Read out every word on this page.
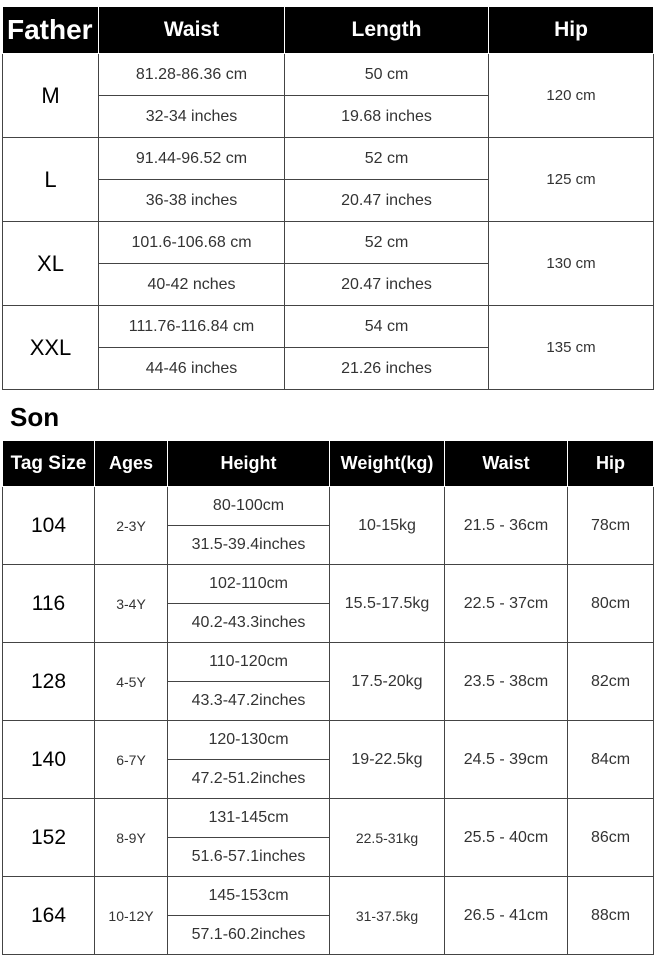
Father	Waist	Length	Hip
M	81.28-86.36 cm	50 cm	120 cm
	32-34 inches	19.68 inches	
L	91.44-96.52 cm	52 cm	125 cm
	36-38 inches	20.47 inches	
XL	101.6-106.68 cm	52 cm	130 cm
	40-42 nches	20.47 inches	
XXL	111.76-116.84 cm	54 cm	135 cm
	44-46 inches	21.26 inches	
Son
Tag Size	Ages	Height	Weight(kg)	Waist	Hip
104	2-3Y	80-100cm	10-15kg	21.5 - 36cm	78cm
		31.5-39.4inches			
116	3-4Y	102-110cm	15.5-17.5kg	22.5 - 37cm	80cm
		40.2-43.3inches			
128	4-5Y	110-120cm	17.5-20kg	23.5 - 38cm	82cm
		43.3-47.2inches			
140	6-7Y	120-130cm	19-22.5kg	24.5 - 39cm	84cm
		47.2-51.2inches			
152	8-9Y	131-145cm	22.5-31kg	25.5 - 40cm	86cm
		51.6-57.1inches			
164	10-12Y	145-153cm	31-37.5kg	26.5 - 41cm	88cm
		57.1-60.2inches			
